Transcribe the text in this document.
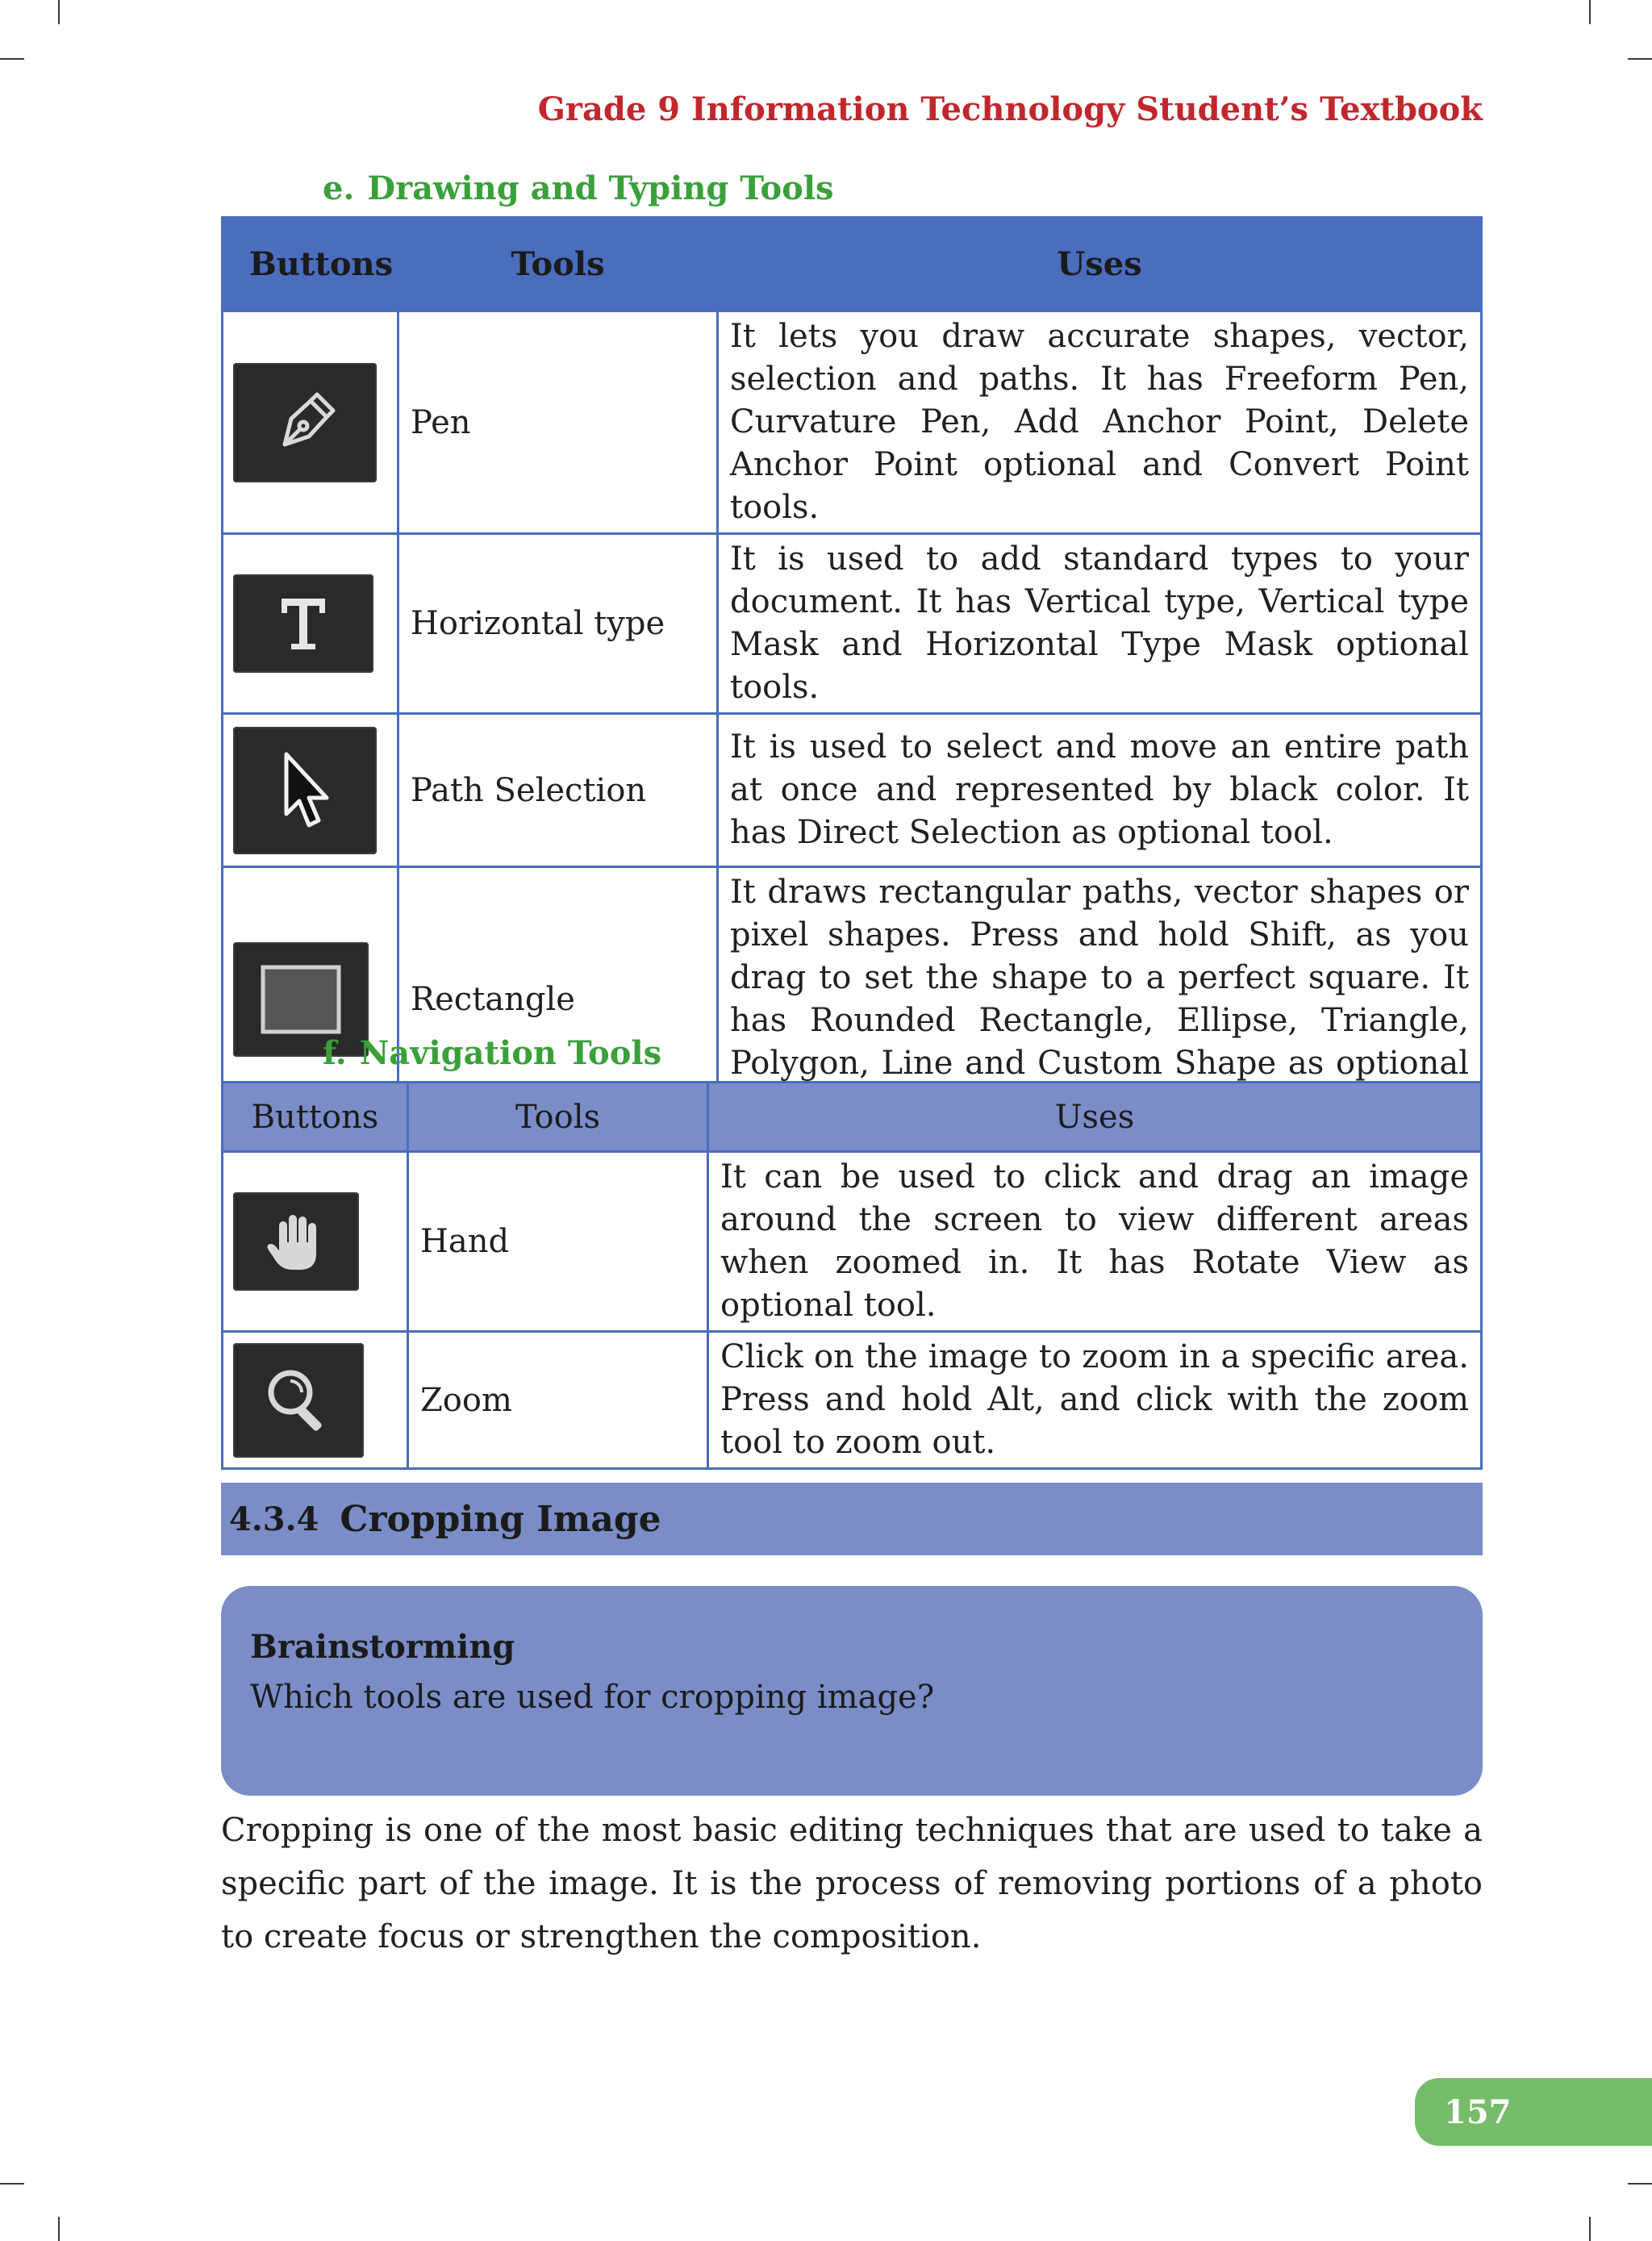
Grade 9 Information Technology Student’s Textbook
e. Drawing and Typing Tools
Buttons	Tools	Uses

	Pen	It lets you draw accurate shapes, vector, selection and paths. It has Freeform Pen, Curvature Pen, Add Anchor Point, Delete Anchor Point optional and Convert Point tools.

	Horizontal type	It is used to add standard types to your document. It has Vertical type, Vertical type Mask and Horizontal Type Mask optional tools.

	Path Selection	It is used to select and move an entire path at once and represented by black color. It has Direct Selection as optional tool.

	Rectangle	It draws rectangular paths, vector shapes or pixel shapes. Press and hold Shift, as you drag to set the shape to a perfect square. It has Rounded Rectangle, Ellipse, Triangle, Polygon, Line and Custom Shape as optional
f. Navigation Tools
Buttons	Tools	Uses

	Hand	It can be used to click and drag an image around the screen to view different areas when zoomed in. It has Rotate View as optional tool.

	Zoom	Click on the image to zoom in a specific area. Press and hold Alt, and click with the zoom tool to zoom out.
4.3.4 Cropping Image
Brainstorming
Which tools are used for cropping image?

Cropping is one of the most basic editing techniques that are used to take a specific part of the image. It is the process of removing portions of a photo to create focus or strengthen the composition.

157
